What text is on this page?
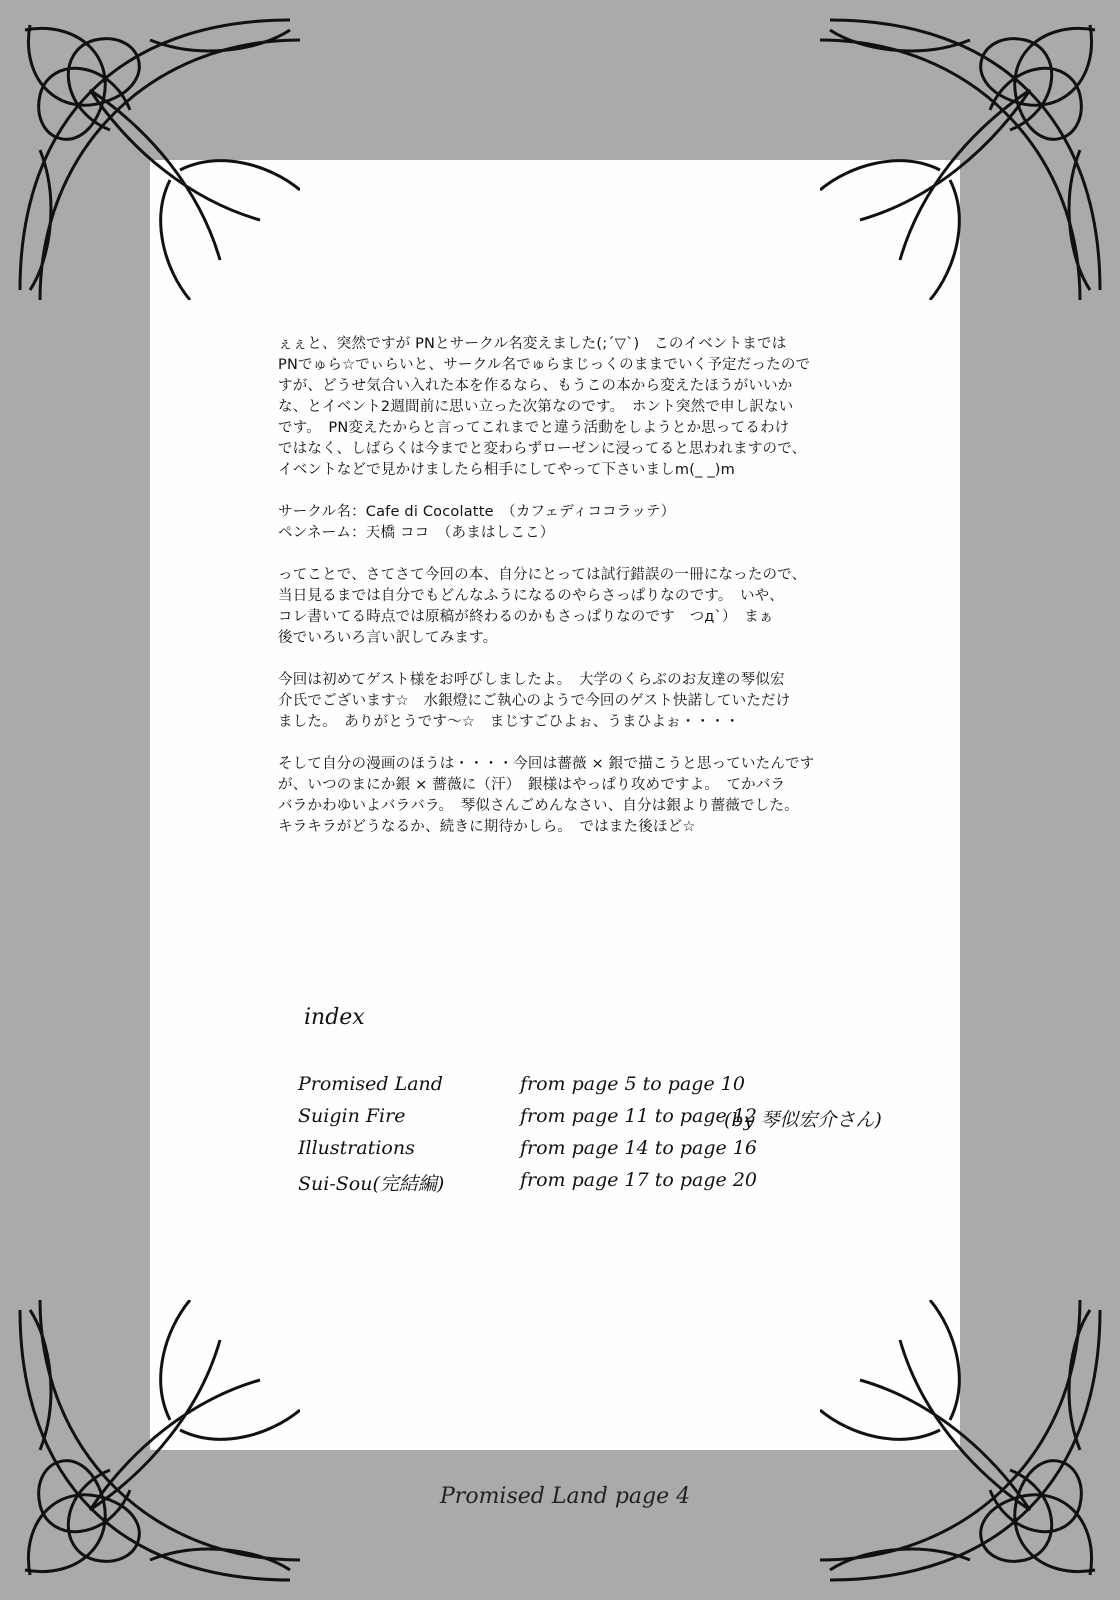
ぇぇと、突然ですが PNとサークル名変えました(;´▽`)　このイベントまでは
PNでゅら☆でぃらいと、サークル名でゅらまじっくのままでいく予定だったので
すが、どうせ気合い入れた本を作るなら、もうこの本から変えたほうがいいか
な、とイベント2週間前に思い立った次第なのです。　ホント突然で申し訳ない
です。　PN変えたからと言ってこれまでと違う活動をしようとか思ってるわけ
ではなく、しばらくは今までと変わらずローゼンに浸ってると思われますので、
イベントなどで見かけましたら相手にしてやって下さいましm(_ _)m
サークル名：Cafe di Cocolatte　（カフェディココラッテ）
ペンネーム：天橋 ココ　（あまはしここ）
ってことで、さてさて今回の本、自分にとっては試行錯誤の一冊になったので、
当日見るまでは自分でもどんなふうになるのやらさっぱりなのです。　いや、
コレ書いてる時点では原稿が終わるのかもさっぱりなのです　つд`）　まぁ
後でいろいろ言い訳してみます。
今回は初めてゲスト様をお呼びしましたよ。　大学のくらぶのお友達の琴似宏
介氏でございます☆　水銀燈にご執心のようで今回のゲスト快諾していただけ
ました。　ありがとうです～☆　まじすごひよぉ、うまひよぉ・・・・
そして自分の漫画のほうは・・・・今回は薔薇 × 銀で描こうと思っていたんです
が、いつのまにか銀 × 薔薇に（汗）　銀様はやっぱり攻めですよ。　てかバラ
バラかわゆいよバラバラ。　琴似さんごめんなさい、自分は銀より薔薇でした。
キラキラがどうなるか、続きに期待かしら。　ではまた後ほど☆
index
Promised Land	from page 5 to page 10
Suigin Fire	from page 11 to page 12
(by 琴似宏介さん)
Illustrations	from page 14 to page 16
Sui-Sou(完結編)	from page 17 to page 20
Promised Land page 4
